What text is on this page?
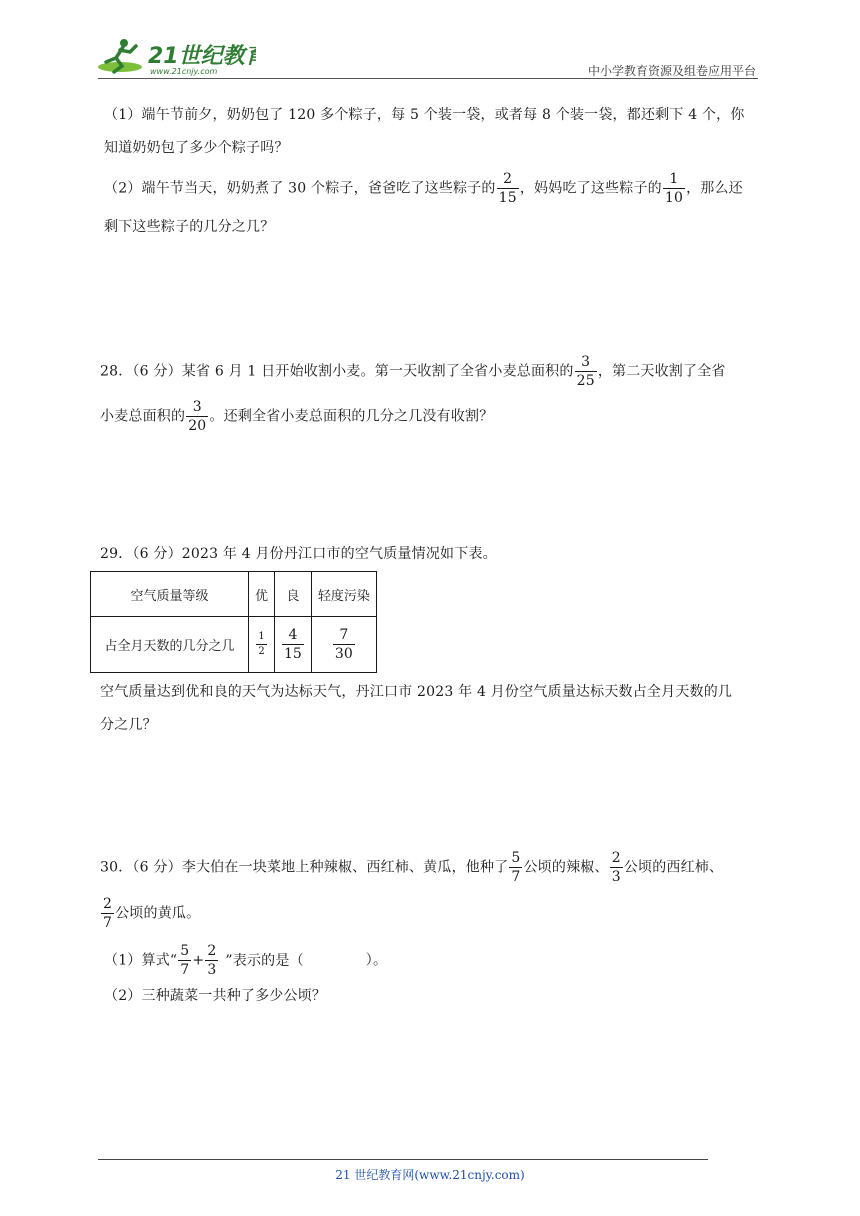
21世纪教育
www.21cnjy.com	中小学教育资源及组卷应用平台
（1）端午节前夕，奶奶包了 120 多个粽子，每 5 个装一袋，或者每 8 个装一袋，都还剩下 4 个，你
知道奶奶包了多少个粽子吗？
（2）端午节当天，奶奶煮了 30 个粽子，爸爸吃了这些粽子的 $\frac{2}{15}$ ，妈妈吃了这些粽子的 $\frac{1}{10}$ ，那么还
剩下这些粽子的几分之几？
28．（6 分）某省 6 月 1 日开始收割小麦。第一天收割了全省小麦总面积的 $\frac{3}{25}$ ，第二天收割了全省
小麦总面积的 $\frac{3}{20}$ 。还剩全省小麦总面积的几分之几没有收割？
29．（6 分）2023 年 4 月份丹江口市的空气质量情况如下表。
空气质量等级	优	良	轻度污染
占全月天数的几分之几	$\frac{1}{2}$	$\frac{4}{15}$	$\frac{7}{30}$
空气质量达到优和良的天气为达标天气，丹江口市 2023 年 4 月份空气质量达标天数占全月天数的几
分之几？
30．（6 分）李大伯在一块菜地上种辣椒、西红柿、黄瓜，他种了 $\frac{5}{7}$ 公顷的辣椒、 $\frac{2}{3}$ 公顷的西红柿、
$\frac{2}{7}$ 公顷的黄瓜。
（1）算式“ $\frac{5}{7} + \frac{2}{3}$ ”表示的是（	）。
（2）三种蔬菜一共种了多少公顷？
21 世纪教育网(www.21cnjy.com)
